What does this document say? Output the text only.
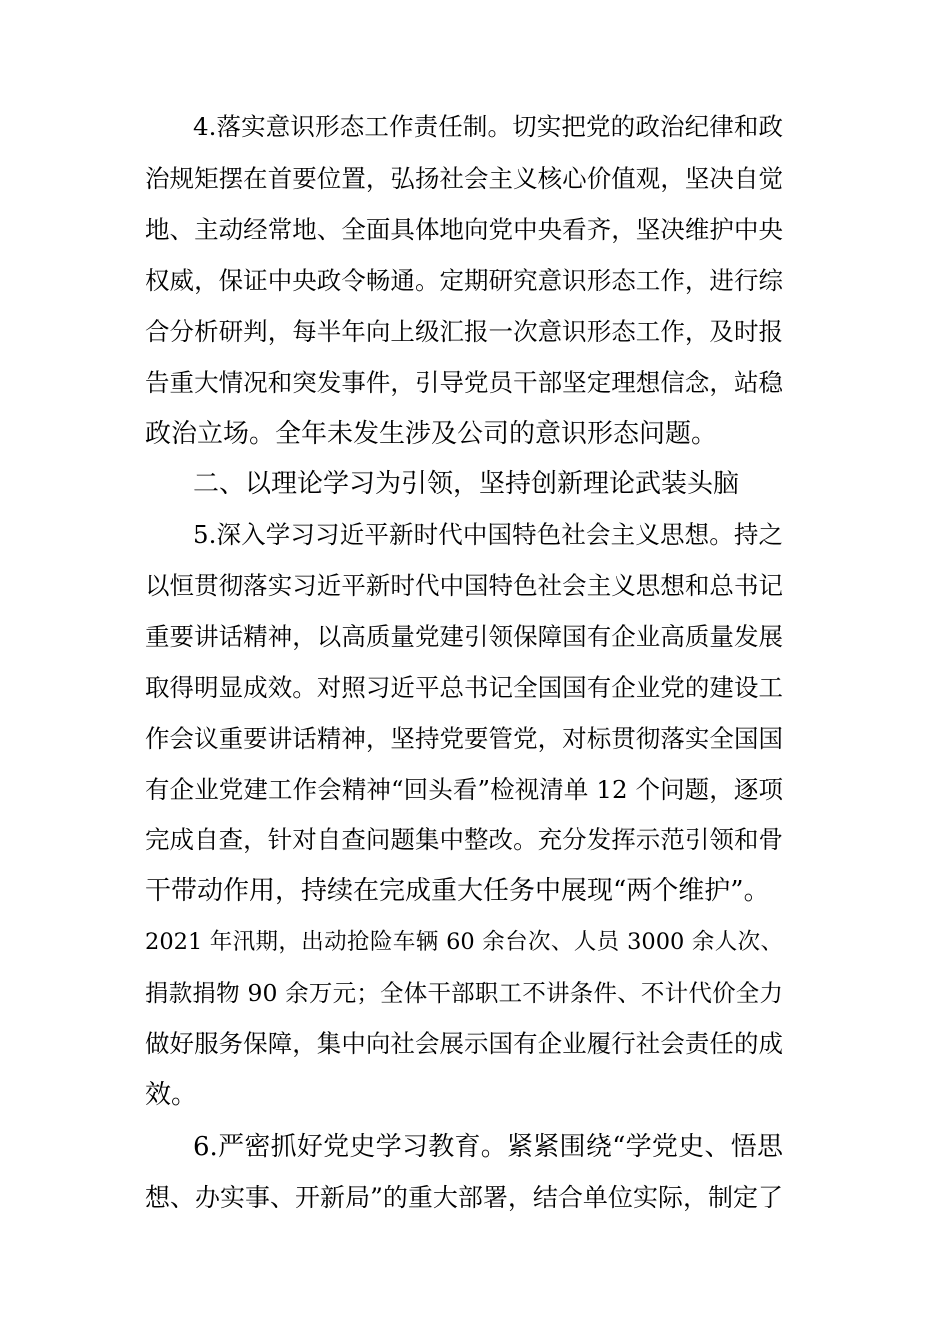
4.落实意识形态工作责任制。切实把党的政治纪律和政
治规矩摆在首要位置，弘扬社会主义核心价值观，坚决自觉
地、主动经常地、全面具体地向党中央看齐，坚决维护中央
权威，保证中央政令畅通。定期研究意识形态工作，进行综
合分析研判，每半年向上级汇报一次意识形态工作，及时报
告重大情况和突发事件，引导党员干部坚定理想信念，站稳
政治立场。全年未发生涉及公司的意识形态问题。
二、以理论学习为引领，坚持创新理论武装头脑
5.深入学习习近平新时代中国特色社会主义思想。持之
以恒贯彻落实习近平新时代中国特色社会主义思想和总书记
重要讲话精神，以高质量党建引领保障国有企业高质量发展
取得明显成效。对照习近平总书记全国国有企业党的建设工
作会议重要讲话精神，坚持党要管党，对标贯彻落实全国国
有企业党建工作会精神“回头看”检视清单 12 个问题，逐项
完成自查，针对自查问题集中整改。充分发挥示范引领和骨
干带动作用，持续在完成重大任务中展现“两个维护”。
2021 年汛期，出动抢险车辆 60 余台次、人员 3000 余人次、
捐款捐物 90 余万元；全体干部职工不讲条件、不计代价全力
做好服务保障，集中向社会展示国有企业履行社会责任的成
效。
6.严密抓好党史学习教育。紧紧围绕“学党史、悟思
想、办实事、开新局”的重大部署，结合单位实际，制定了
